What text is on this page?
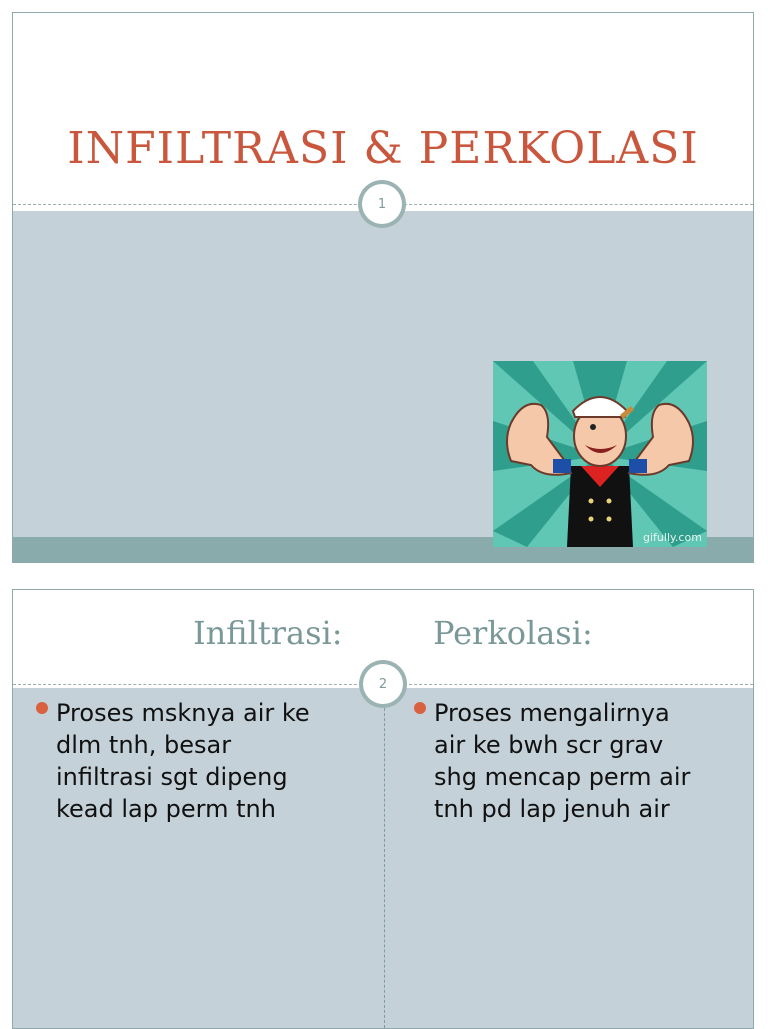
INFILTRASI & PERKOLASI
1
gifully.com
Infiltrasi:	Perkolasi:
2
Proses msknya air ke
dlm tnh, besar
infiltrasi sgt dipeng
kead lap perm tnh
Proses mengalirnya
air ke bwh scr grav
shg mencap perm air
tnh pd lap jenuh air
